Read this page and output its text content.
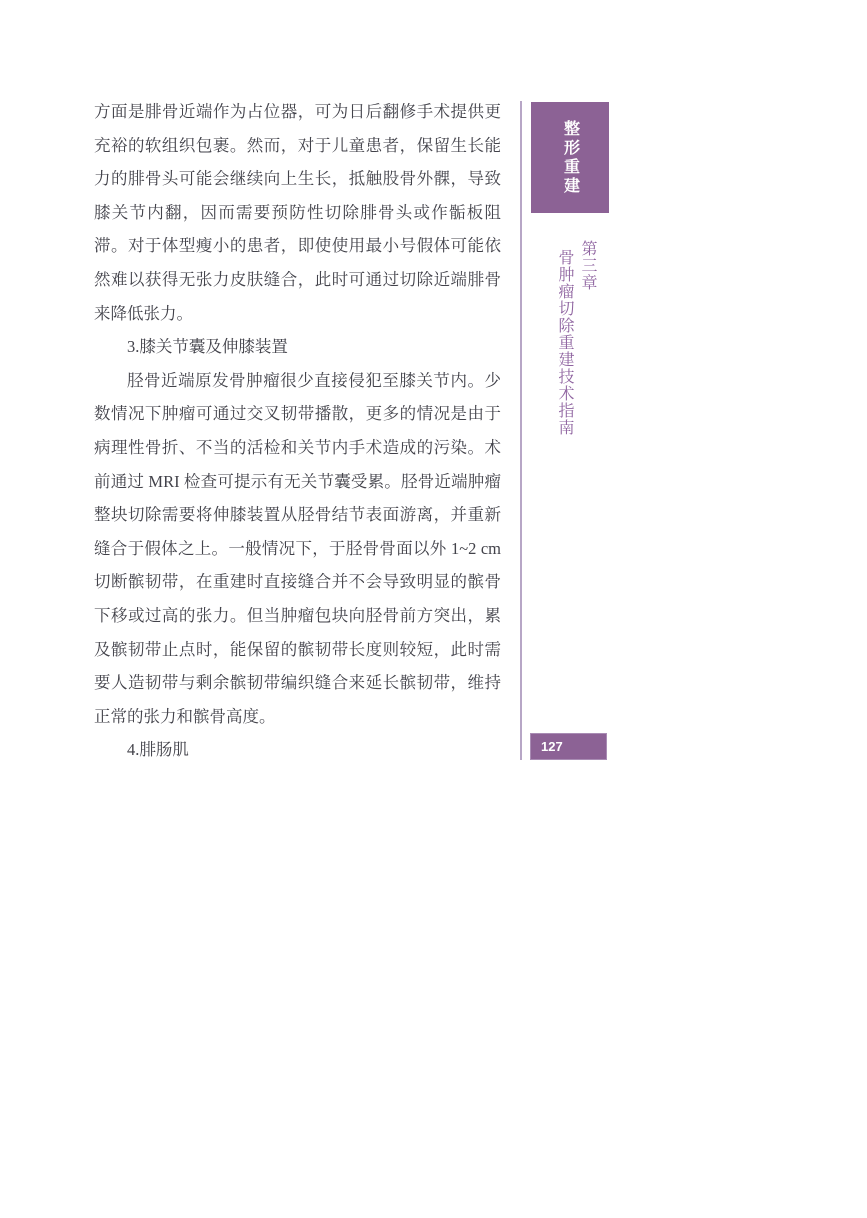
方面是腓骨近端作为占位器，可为日后翻修手术提供更
充裕的软组织包裹。然而，对于儿童患者，保留生长能
力的腓骨头可能会继续向上生长，抵触股骨外髁，导致
膝关节内翻，因而需要预防性切除腓骨头或作骺板阻
滞。对于体型瘦小的患者，即使使用最小号假体可能依
然难以获得无张力皮肤缝合，此时可通过切除近端腓骨
来降低张力。
3.膝关节囊及伸膝装置
胫骨近端原发骨肿瘤很少直接侵犯至膝关节内。少
数情况下肿瘤可通过交叉韧带播散，更多的情况是由于
病理性骨折、不当的活检和关节内手术造成的污染。术
前通过 MRI 检查可提示有无关节囊受累。胫骨近端肿瘤
整块切除需要将伸膝装置从胫骨结节表面游离，并重新
缝合于假体之上。一般情况下，于胫骨骨面以外 1~2 cm
切断髌韧带，在重建时直接缝合并不会导致明显的髌骨
下移或过高的张力。但当肿瘤包块向胫骨前方突出，累
及髌韧带止点时，能保留的髌韧带长度则较短，此时需
要人造韧带与剩余髌韧带编织缝合来延长髌韧带，维持
正常的张力和髌骨高度。
4.腓肠肌
整形重建
第三章
骨肿瘤切除重建技术指南
127
